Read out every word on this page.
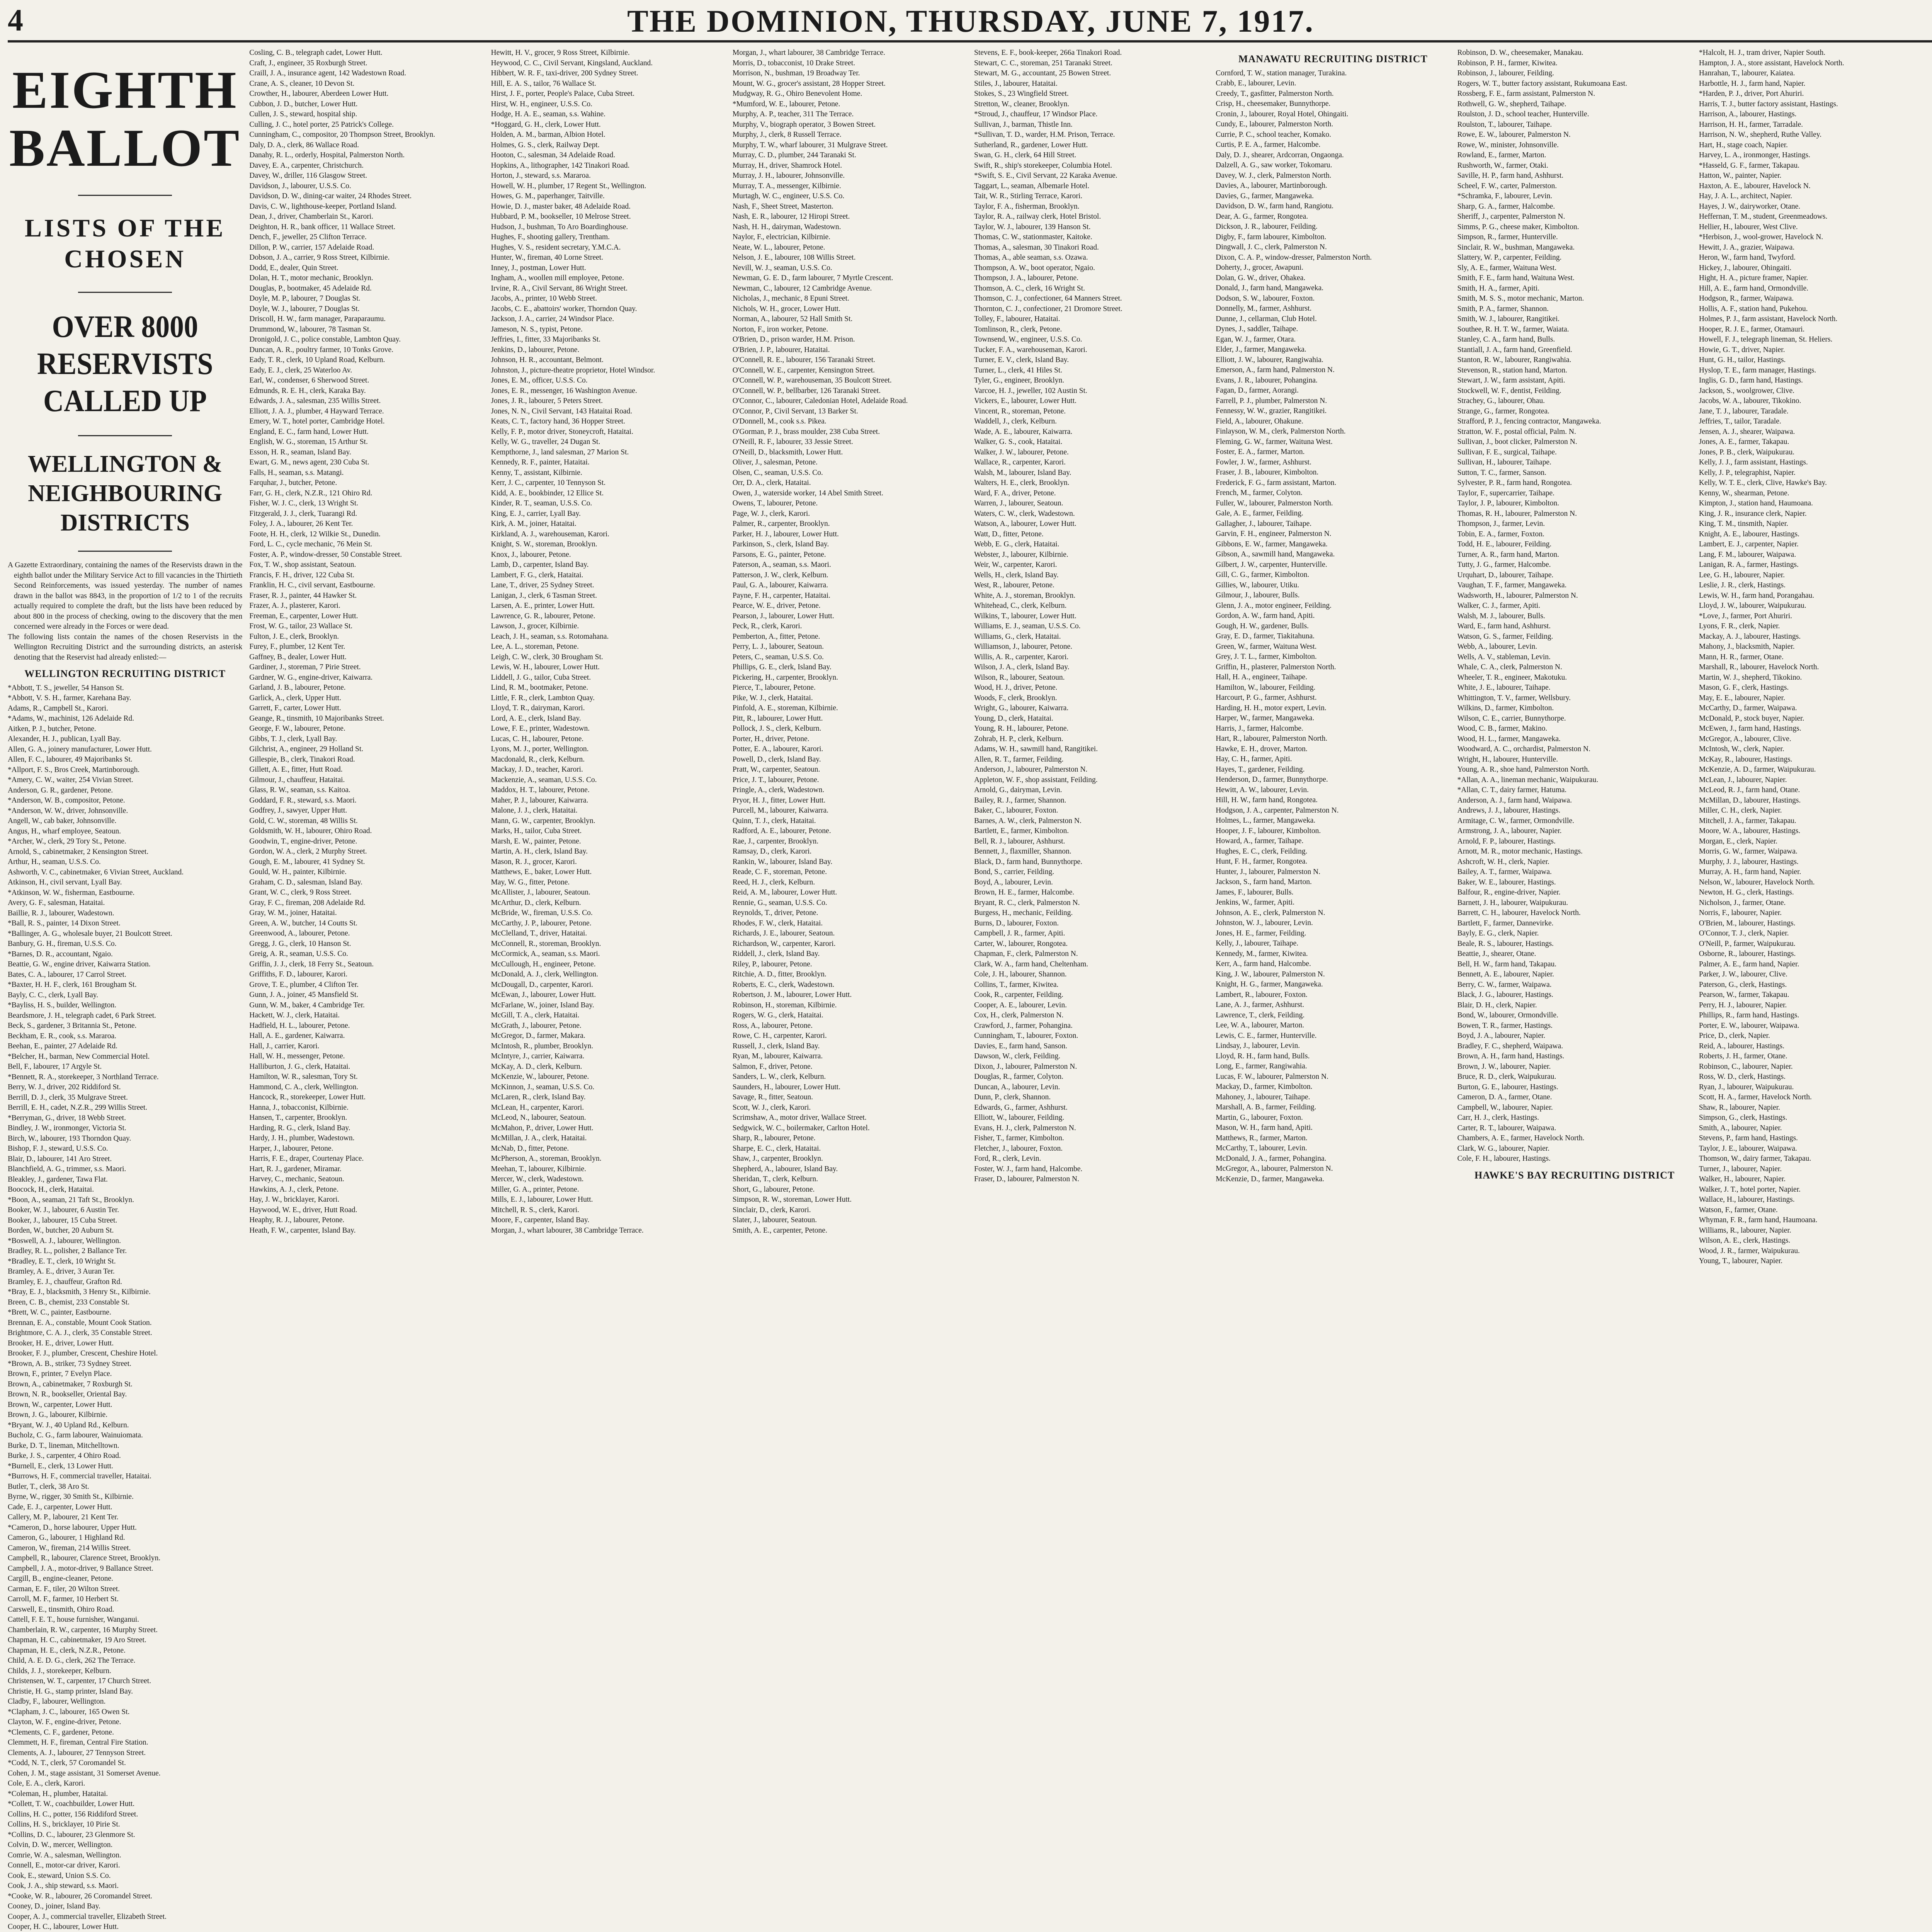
4	THE DOMINION, THURSDAY, JUNE 7, 1917.
EIGHTH BALLOT
LISTS OF THE CHOSEN
OVER 8000 RESERVISTS CALLED UP
WELLINGTON & NEIGHBOURING DISTRICTS

A Gazette Extraordinary, containing the names of the Reservists drawn in the eighth ballot under the Military Service Act to fill vacancies in the Thirtieth Second Reinforcements, was issued yesterday. The number of names drawn in the ballot was 8843, in the proportion of 1/2 to 1 of the recruits actually required to complete the draft, but the lists have been reduced by about 800 in the process of checking, owing to the discovery that the men concerned were already in the Forces or were dead.

The following lists contain the names of the chosen Reservists in the Wellington Recruiting District and the surrounding districts, an asterisk denoting that the Reservist had already enlisted:—

WELLINGTON RECRUITING DISTRICT

*Abbott, T. S., jeweller, 54 Hanson St.

*Abbott, V. S. H., farmer, Karehana Bay.

Adams, R., Campbell St., Karori.

*Adams, W., machinist, 126 Adelaide Rd.

Aitken, P. J., butcher, Petone.

Alexander, H. J., publican, Lyall Bay.

Allen, G. A., joinery manufacturer, Lower Hutt.

Allen, F. C., labourer, 49 Majoribanks St.

*Allport, F. S., Bros Creek, Martinborough.

*Amery, C. W., waiter, 254 Vivian Street.

Anderson, G. R., gardener, Petone.

*Anderson, W. B., compositor, Petone.

*Anderson, W. W., driver, Johnsonville.

Angell, W., cab baker, Johnsonville.

Angus, H., wharf employee, Seatoun.

*Archer, W., clerk, 29 Tory St., Petone.

Arnold, S., cabinetmaker, 2 Kensington Street.

Arthur, H., seaman, U.S.S. Co.

Ashworth, V. C., cabinetmaker, 6 Vivian Street, Auckland.

Atkinson, H., civil servant, Lyall Bay.

*Atkinson, W. W., fisherman, Eastbourne.

Avery, G. F., salesman, Hataitai.

Baillie, R. J., labourer, Wadestown.

*Ball, R. S., painter, 14 Dixon Street.

*Ballinger, A. G., wholesale buyer, 21 Boulcott Street.

Banbury, G. H., fireman, U.S.S. Co.

*Barnes, D. R., accountant, Ngaio.

Beattie, G. W., engine driver, Kaiwarra Station.

Bates, C. A., labourer, 17 Carrol Street.

*Baxter, H. H. F., clerk, 161 Brougham St.

Bayly, C. C., clerk, Lyall Bay.

*Bayliss, H. S., builder, Wellington.

Beardsmore, J. H., telegraph cadet, 6 Park Street.

Beck, S., gardener, 3 Britannia St., Petone.

Beckham, E. R., cook, s.s. Mararoa.

Beehan, E., painter, 27 Adelaide Rd.

*Belcher, H., barman, New Commercial Hotel.

Bell, F., labourer, 17 Argyle St.

*Bennett, R. A., storekeeper, 3 Northland Terrace.

Berry, W. J., driver, 202 Riddiford St.

Berrill, D. J., clerk, 35 Mulgrave Street.

Berrill, E. H., cadet, N.Z.R., 299 Willis Street.

*Berryman, G., driver, 18 Webb Street.

Bindley, J. W., ironmonger, Victoria St.

Birch, W., labourer, 193 Thorndon Quay.

Bishop, F. J., steward, U.S.S. Co.

Blair, D., labourer, 141 Aro Street.

Blanchfield, A. G., trimmer, s.s. Maori.

Bleakley, J., gardener, Tawa Flat.

Boocock, H., clerk, Hataitai.

*Boon, A., seaman, 21 Taft St., Brooklyn.

Booker, W. J., labourer, 6 Austin Ter.

Booker, J., labourer, 15 Cuba Street.

Borden, W., butcher, 20 Auburn St.

*Boswell, A. J., labourer, Wellington.

Bradley, R. L., polisher, 2 Ballance Ter.

*Bradley, E. T., clerk, 10 Wright St.

Bramley, A. E., driver, 3 Auran Ter.

Bramley, E. J., chauffeur, Grafton Rd.

*Bray, E. J., blacksmith, 3 Henry St., Kilbirnie.

Breen, C. B., chemist, 233 Constable St.

*Brett, W. C., painter, Eastbourne.

Brennan, E. A., constable, Mount Cook Station.

Brightmore, C. A. J., clerk, 35 Constable Street.

Brooker, H. E., driver, Lower Hutt.

Brooker, F. J., plumber, Crescent, Cheshire Hotel.

*Brown, A. B., striker, 73 Sydney Street.

Brown, F., printer, 7 Evelyn Place.

Brown, A., cabinetmaker, 7 Roxburgh St.

Brown, N. R., bookseller, Oriental Bay.

Brown, W., carpenter, Lower Hutt.

Brown, J. G., labourer, Kilbirnie.

*Bryant, W. J., 40 Upland Rd., Kelburn.

Bucholz, C. G., farm labourer, Wainuiomata.

Burke, D. T., lineman, Mitchelltown.

Burke, J. S., carpenter, 4 Ohiro Road.

*Burnell, E., clerk, 13 Lower Hutt.

*Burrows, H. F., commercial traveller, Hataitai.

Butler, T., clerk, 38 Aro St.

Byrne, W., rigger, 30 Smith St., Kilbirnie.

Cade, E. J., carpenter, Lower Hutt.

Callery, M. P., labourer, 21 Kent Ter.

*Cameron, D., horse labourer, Upper Hutt.

Cameron, G., labourer, 1 Highland Rd.

Cameron, W., fireman, 214 Willis Street.

Campbell, R., labourer, Clarence Street, Brooklyn.

Campbell, J. A., motor-driver, 9 Ballance Street.

Cargill, B., engine-cleaner, Petone.

Carman, E. F., tiler, 20 Wilton Street.

Carroll, M. F., farmer, 10 Herbert St.

Carswell, E., tinsmith, Ohiro Road.

Cattell, F. E. T., house furnisher, Wanganui.

Chamberlain, R. W., carpenter, 16 Murphy Street.

Chapman, H. C., cabinetmaker, 19 Aro Street.

Chapman, H. E., clerk, N.Z.R., Petone.

Child, A. E. D. G., clerk, 262 The Terrace.

Childs, J. J., storekeeper, Kelburn.

Christensen, W. T., carpenter, 17 Church Street.

Christie, H. G., stamp printer, Island Bay.

Cladby, F., labourer, Wellington.

*Clapham, J. C., labourer, 165 Owen St.

Clayton, W. F., engine-driver, Petone.

*Clements, C. F., gardener, Petone.

Clemmett, H. F., fireman, Central Fire Station.

Clements, A. J., labourer, 27 Tennyson Street.

*Codd, N. T., clerk, 57 Coromandel St.

Cohen, J. M., stage assistant, 31 Somerset Avenue.

Cole, E. A., clerk, Karori.

*Coleman, H., plumber, Hataitai.

*Collett, T. W., coachbuilder, Lower Hutt.

Collins, H. C., potter, 156 Riddiford Street.

Collins, H. S., bricklayer, 10 Pirie St.

*Collins, D. C., labourer, 23 Glenmore St.

Colvin, D. W., mercer, Wellington.

Comrie, W. A., salesman, Wellington.

Connell, E., motor-car driver, Karori.

Cook, E., steward, Union S.S. Co.

Cook, J. A., ship steward, s.s. Maori.

*Cooke, W. R., labourer, 26 Coromandel Street.

Cooney, D., joiner, Island Bay.

Cooper, A. J., commercial traveller, Elizabeth Street.

Cooper, H. C., labourer, Lower Hutt.

Cosling, C. B., telegraph cadet, Lower Hutt.

Craft, J., engineer, 35 Roxburgh Street.

Craill, J. A., insurance agent, 142 Wadestown Road.

Crane, A. S., cleaner, 10 Devon St.

Crowther, H., labourer, Aberdeen Lower Hutt.

Cubbon, J. D., butcher, Lower Hutt.

Cullen, J. S., steward, hospital ship.

Culling, J. C., hotel porter, 25 Patrick's College.

Cunningham, C., compositor, 20 Thompson Street, Brooklyn.

Daly, D. A., clerk, 86 Wallace Road.

Danahy, R. L., orderly, Hospital, Palmerston North.

Davey, E. A., carpenter, Christchurch.

Davey, W., driller, 116 Glasgow Street.

Davidson, J., labourer, U.S.S. Co.

Davidson, D. W., dining-car waiter, 24 Rhodes Street.

Davis, C. W., lighthouse-keeper, Portland Island.

Dean, J., driver, Chamberlain St., Karori.

Deighton, H. R., bank officer, 11 Wallace Street.

Dench, F., jeweller, 25 Clifton Terrace.

Dillon, P. W., carrier, 157 Adelaide Road.

Dobson, J. A., carrier, 9 Ross Street, Kilbirnie.

Dodd, E., dealer, Quin Street.

Dolan, H. T., motor mechanic, Brooklyn.

Douglas, P., bootmaker, 45 Adelaide Rd.

Doyle, M. P., labourer, 7 Douglas St.

Doyle, W. J., labourer, 7 Douglas St.

Driscoll, H. W., farm manager, Paraparaumu.

Drummond, W., labourer, 78 Tasman St.

Dronigold, J. C., police constable, Lambton Quay.

Duncan, A. R., poultry farmer, 10 Tonks Grove.

Eady, T. R., clerk, 10 Upland Road, Kelburn.

Eady, E. J., clerk, 25 Waterloo Av.

Earl, W., condenser, 6 Sherwood Street.

Edmunds, R. E. H., clerk, Karaka Bay.

Edwards, J. A., salesman, 235 Willis Street.

Elliott, J. A. J., plumber, 4 Hayward Terrace.

Emery, W. T., hotel porter, Cambridge Hotel.

England, E. C., farm hand, Lower Hutt.

English, W. G., storeman, 15 Arthur St.

Esson, H. R., seaman, Island Bay.

Ewart, G. M., news agent, 230 Cuba St.

Falls, H., seaman, s.s. Matangi.

Farquhar, J., butcher, Petone.

Farr, G. H., clerk, N.Z.R., 121 Ohiro Rd.

Fisher, W. J. C., clerk, 13 Wright St.

Fitzgerald, J. J., clerk, Tuarangi Rd.

Foley, J. A., labourer, 26 Kent Ter.

Foote, H. H., clerk, 12 Wilkie St., Dunedin.

Ford, L. C., cycle mechanic, 76 Mein St.

Foster, A. P., window-dresser, 50 Constable Street.

Fox, T. W., shop assistant, Seatoun.

Francis, F. H., driver, 122 Cuba St.

Franklin, H. C., civil servant, Eastbourne.

Fraser, R. J., painter, 44 Hawker St.

Frazer, A. J., plasterer, Karori.

Freeman, E., carpenter, Lower Hutt.

Frost, W. G., tailor, 23 Wallace St.

Fulton, J. E., clerk, Brooklyn.

Furey, F., plumber, 12 Kent Ter.

Gaffney, B., dealer, Lower Hutt.

Gardiner, J., storeman, 7 Pirie Street.

Gardner, W. G., engine-driver, Kaiwarra.

Garland, J. B., labourer, Petone.

Garlick, A., clerk, Upper Hutt.

Garrett, F., carter, Lower Hutt.

Geange, R., tinsmith, 10 Majoribanks Street.

George, F. W., labourer, Petone.

Gibbs, T. J., clerk, Lyall Bay.

Gilchrist, A., engineer, 29 Holland St.

Gillespie, B., clerk, Tinakori Road.

Gillett, A. E., fitter, Hutt Road.

Gilmour, J., chauffeur, Hataitai.

Glass, R. W., seaman, s.s. Kaitoa.

Goddard, F. R., steward, s.s. Maori.

Godfrey, J., sawyer, Upper Hutt.

Gold, C. W., storeman, 48 Willis St.

Goldsmith, W. H., labourer, Ohiro Road.

Goodwin, T., engine-driver, Petone.

Gordon, W. A., clerk, 2 Murphy Street.

Gough, E. M., labourer, 41 Sydney St.

Gould, W. H., painter, Kilbirnie.

Graham, C. D., salesman, Island Bay.

Grant, W. C., clerk, 9 Ross Street.

Gray, F. C., fireman, 208 Adelaide Rd.

Gray, W. M., joiner, Hataitai.

Green, A. W., butcher, 14 Coutts St.

Greenwood, A., labourer, Petone.

Gregg, J. G., clerk, 10 Hanson St.

Greig, A. R., seaman, U.S.S. Co.

Griffin, J. J., clerk, 18 Ferry St., Seatoun.

Griffiths, F. D., labourer, Karori.

Grove, T. E., plumber, 4 Clifton Ter.

Gunn, J. A., joiner, 45 Mansfield St.

Gunn, W. M., baker, 4 Cambridge Ter.

Hackett, W. J., clerk, Hataitai.

Hadfield, H. L., labourer, Petone.

Hall, A. E., gardener, Kaiwarra.

Hall, J., carrier, Karori.

Hall, W. H., messenger, Petone.

Halliburton, J. G., clerk, Hataitai.

Hamilton, W. R., salesman, Tory St.

Hammond, C. A., clerk, Wellington.

Hancock, R., storekeeper, Lower Hutt.

Hanna, J., tobacconist, Kilbirnie.

Hansen, T., carpenter, Brooklyn.

Harding, R. G., clerk, Island Bay.

Hardy, J. H., plumber, Wadestown.

Harper, J., labourer, Petone.

Harris, F. E., draper, Courtenay Place.

Hart, R. J., gardener, Miramar.

Harvey, C., mechanic, Seatoun.

Hawkins, A. J., clerk, Petone.

Hay, J. W., bricklayer, Karori.

Haywood, W. E., driver, Hutt Road.

Heaphy, R. J., labourer, Petone.

Heath, F. W., carpenter, Island Bay.

Hewitt, H. V., grocer, 9 Ross Street, Kilbirnie.

Heywood, C. C., Civil Servant, Kingsland, Auckland.

Hibbert, W. R. F., taxi-driver, 200 Sydney Street.

Hill, E. A. S., tailor, 76 Wallace St.

Hirst, J. F., porter, People's Palace, Cuba Street.

Hirst, W. H., engineer, U.S.S. Co.

Hodge, H. A. E., seaman, s.s. Wahine.

*Hoggard, G. H., clerk, Lower Hutt.

Holden, A. M., barman, Albion Hotel.

Holmes, G. S., clerk, Railway Dept.

Hooton, C., salesman, 34 Adelaide Road.

Hopkins, A., lithographer, 142 Tinakori Road.

Horton, J., steward, s.s. Mararoa.

Howell, W. H., plumber, 17 Regent St., Wellington.

Howes, G. M., paperhanger, Taitville.

Howie, D. J., master baker, 48 Adelaide Road.

Hubbard, P. M., bookseller, 10 Melrose Street.

Hudson, J., bushman, To Aro Boardinghouse.

Hughes, F., shooting gallery, Trentham.

Hughes, V. S., resident secretary, Y.M.C.A.

Hunter, W., fireman, 40 Lorne Street.

Inney, J., postman, Lower Hutt.

Ingham, A., woollen mill employee, Petone.

Irvine, R. A., Civil Servant, 86 Wright Street.

Jacobs, A., printer, 10 Webb Street.

Jacobs, C. E., abattoirs' worker, Thorndon Quay.

Jackson, J. A., carrier, 24 Windsor Place.

Jameson, N. S., typist, Petone.

Jeffries, I., fitter, 33 Majoribanks St.

Jenkins, D., labourer, Petone.

Johnson, H. R., accountant, Belmont.

Johnston, J., picture-theatre proprietor, Hotel Windsor.

Jones, E. M., officer, U.S.S. Co.

Jones, E. R., messenger, 16 Washington Avenue.

Jones, J. R., labourer, 5 Peters Street.

Jones, N. N., Civil Servant, 143 Hataitai Road.

Keats, C. T., factory hand, 36 Hopper Street.

Kelly, F. P., motor driver, Stoneycroft, Hataitai.

Kelly, W. G., traveller, 24 Dugan St.

Kempthorne, J., land salesman, 27 Marion St.

Kennedy, R. F., painter, Hataitai.

Kenny, T., assistant, Kilbirnie.

Kerr, J. C., carpenter, 10 Tennyson St.

Kidd, A. E., bookbinder, 12 Ellice St.

Kinder, R. T., seaman, U.S.S. Co.

King, E. J., carrier, Lyall Bay.

Kirk, A. M., joiner, Hataitai.

Kirkland, A. J., warehouseman, Karori.

Knight, S. W., storeman, Brooklyn.

Knox, J., labourer, Petone.

Lamb, D., carpenter, Island Bay.

Lambert, F. G., clerk, Hataitai.

Lane, T., driver, 25 Sydney Street.

Lanigan, J., clerk, 6 Tasman Street.

Larsen, A. E., printer, Lower Hutt.

Lawrence, G. R., labourer, Petone.

Lawson, J., grocer, Kilbirnie.

Leach, J. H., seaman, s.s. Rotomahana.

Lee, A. L., storeman, Petone.

Leigh, C. W., clerk, 30 Brougham St.

Lewis, W. H., labourer, Lower Hutt.

Liddell, J. G., tailor, Cuba Street.

Lind, R. M., bootmaker, Petone.

Little, F. R., clerk, Lambton Quay.

Lloyd, T. R., dairyman, Karori.

Lord, A. E., clerk, Island Bay.

Lowe, F. E., printer, Wadestown.

Lucas, C. H., labourer, Petone.

Lyons, M. J., porter, Wellington.

Macdonald, R., clerk, Kelburn.

Mackay, J. D., teacher, Karori.

Mackenzie, A., seaman, U.S.S. Co.

Maddox, H. T., labourer, Petone.

Maher, P. J., labourer, Kaiwarra.

Malone, J. J., clerk, Hataitai.

Mann, G. W., carpenter, Brooklyn.

Marks, H., tailor, Cuba Street.

Marsh, E. W., painter, Petone.

Martin, A. H., clerk, Island Bay.

Mason, R. J., grocer, Karori.

Matthews, E., baker, Lower Hutt.

May, W. G., fitter, Petone.

McAllister, J., labourer, Seatoun.

McArthur, D., clerk, Kelburn.

McBride, W., fireman, U.S.S. Co.

McCarthy, J. P., labourer, Petone.

McClelland, T., driver, Hataitai.

McConnell, R., storeman, Brooklyn.

McCormick, A., seaman, s.s. Maori.

McCullough, H., engineer, Petone.

McDonald, A. J., clerk, Wellington.

McDougall, D., carpenter, Karori.

McEwan, J., labourer, Lower Hutt.

McFarlane, W., joiner, Island Bay.

McGill, T. A., clerk, Hataitai.

McGrath, J., labourer, Petone.

McGregor, D., farmer, Makara.

McIntosh, R., plumber, Brooklyn.

McIntyre, J., carrier, Kaiwarra.

McKay, A. D., clerk, Kelburn.

McKenzie, W., labourer, Petone.

McKinnon, J., seaman, U.S.S. Co.

McLaren, R., clerk, Island Bay.

McLean, H., carpenter, Karori.

McLeod, N., labourer, Seatoun.

McMahon, P., driver, Lower Hutt.

McMillan, J. A., clerk, Hataitai.

McNab, D., fitter, Petone.

McPherson, A., storeman, Brooklyn.

Meehan, T., labourer, Kilbirnie.

Mercer, W., clerk, Wadestown.

Miller, G. A., printer, Petone.

Mills, E. J., labourer, Lower Hutt.

Mitchell, R. S., clerk, Karori.

Moore, F., carpenter, Island Bay.

Morgan, J., whart labourer, 38 Cambridge Terrace.

Morgan, J., whart labourer, 38 Cambridge Terrace.

Morris, D., tobacconist, 10 Drake Street.

Morrison, N., bushman, 19 Broadway Ter.

Mount, W. G., grocer's assistant, 28 Hopper Street.

Mudgway, R. G., Ohiro Benevolent Home.

*Mumford, W. E., labourer, Petone.

Murphy, A. P., teacher, 311 The Terrace.

Murphy, V., biograph operator, 3 Bowen Street.

Murphy, J., clerk, 8 Russell Terrace.

Murphy, T. W., wharf labourer, 31 Mulgrave Street.

Murray, C. D., plumber, 244 Taranaki St.

Murray, H., driver, Shamrock Hotel.

Murray, J. H., labourer, Johnsonville.

Murray, T. A., messenger, Kilbirnie.

Murtagh, W. C., engineer, U.S.S. Co.

Nash, F., Sheet Street, Masterton.

Nash, E. R., labourer, 12 Hiropi Street.

Nash, H. H., dairyman, Wadestown.

Naylor, F., electrician, Kilbirnie.

Neate, W. L., labourer, Petone.

Nelson, J. E., labourer, 108 Willis Street.

Nevill, W. J., seaman, U.S.S. Co.

Newman, G. E. D., farm labourer, 7 Myrtle Crescent.

Newman, C., labourer, 12 Cambridge Avenue.

Nicholas, J., mechanic, 8 Epuni Street.

Nichols, W. H., grocer, Lower Hutt.

Norman, A., labourer, 52 Hall Smith St.

Norton, F., iron worker, Petone.

O'Brien, D., prison warder, H.M. Prison.

O'Brien, J. P., labourer, Hataitai.

O'Connell, R. E., labourer, 156 Taranaki Street.

O'Connell, W. E., carpenter, Kensington Street.

O'Connell, W. P., warehouseman, 35 Boulcott Street.

O'Connell, W. P., bellbarber, 126 Taranaki Street.

O'Connor, C., labourer, Caledonian Hotel, Adelaide Road.

O'Connor, P., Civil Servant, 13 Barker St.

O'Donnell, M., cook s.s. Pikea.

O'Gorman, P. J., brass moulder, 238 Cuba Street.

O'Neill, R. F., labourer, 33 Jessie Street.

O'Neill, D., blacksmith, Lower Hutt.

Oliver, J., salesman, Petone.

Olsen, C., seaman, U.S.S. Co.

Orr, D. A., clerk, Hataitai.

Owen, J., waterside worker, 14 Abel Smith Street.

Owens, T., labourer, Petone.

Page, W. J., clerk, Karori.

Palmer, R., carpenter, Brooklyn.

Parker, H. J., labourer, Lower Hutt.

Parkinson, S., clerk, Island Bay.

Parsons, E. G., painter, Petone.

Paterson, A., seaman, s.s. Maori.

Patterson, J. W., clerk, Kelburn.

Paul, G. A., labourer, Kaiwarra.

Payne, F. H., carpenter, Hataitai.

Pearce, W. E., driver, Petone.

Pearson, J., labourer, Lower Hutt.

Peck, R., clerk, Karori.

Pemberton, A., fitter, Petone.

Perry, L. J., labourer, Seatoun.

Peters, C., seaman, U.S.S. Co.

Phillips, G. E., clerk, Island Bay.

Pickering, H., carpenter, Brooklyn.

Pierce, T., labourer, Petone.

Pike, W. J., clerk, Hataitai.

Pinfold, A. E., storeman, Kilbirnie.

Pitt, R., labourer, Lower Hutt.

Pollock, J. S., clerk, Kelburn.

Porter, H., driver, Petone.

Potter, E. A., labourer, Karori.

Powell, D., clerk, Island Bay.

Pratt, W., carpenter, Seatoun.

Price, J. T., labourer, Petone.

Pringle, A., clerk, Wadestown.

Pryor, H. J., fitter, Lower Hutt.

Purcell, M., labourer, Kaiwarra.

Quinn, T. J., clerk, Hataitai.

Radford, A. E., labourer, Petone.

Rae, J., carpenter, Brooklyn.

Ramsay, D., clerk, Karori.

Rankin, W., labourer, Island Bay.

Reade, C. F., storeman, Petone.

Reed, H. J., clerk, Kelburn.

Reid, A. M., labourer, Lower Hutt.

Rennie, G., seaman, U.S.S. Co.

Reynolds, T., driver, Petone.

Rhodes, F. W., clerk, Hataitai.

Richards, J. E., labourer, Seatoun.

Richardson, W., carpenter, Karori.

Riddell, J., clerk, Island Bay.

Riley, P., labourer, Petone.

Ritchie, A. D., fitter, Brooklyn.

Roberts, E. C., clerk, Wadestown.

Robertson, J. M., labourer, Lower Hutt.

Robinson, H., storeman, Kilbirnie.

Rogers, W. G., clerk, Hataitai.

Ross, A., labourer, Petone.

Rowe, C. H., carpenter, Karori.

Russell, J., clerk, Island Bay.

Ryan, M., labourer, Kaiwarra.

Salmon, F., driver, Petone.

Sanders, L. W., clerk, Kelburn.

Saunders, H., labourer, Lower Hutt.

Savage, R., fitter, Seatoun.

Scott, W. J., clerk, Karori.

Scrimshaw, A., motor driver, Wallace Street.

Sedgwick, W. C., boilermaker, Carlton Hotel.

Sharp, R., labourer, Petone.

Sharpe, E. C., clerk, Hataitai.

Shaw, J., carpenter, Brooklyn.

Shepherd, A., labourer, Island Bay.

Sheridan, T., clerk, Kelburn.

Short, G., labourer, Petone.

Simpson, R. W., storeman, Lower Hutt.

Sinclair, D., clerk, Karori.

Slater, J., labourer, Seatoun.

Smith, A. E., carpenter, Petone.

Stevens, E. F., book-keeper, 266a Tinakori Road.

Stewart, C. C., storeman, 251 Taranaki Street.

Stewart, M. G., accountant, 25 Bowen Street.

Stiles, J., labourer, Hataitai.

Stokes, S., 23 Wingfield Street.

Stretton, W., cleaner, Brooklyn.

*Stroud, J., chauffeur, 17 Windsor Place.

Sullivan, J., barman, Thistle Inn.

*Sullivan, T. D., warder, H.M. Prison, Terrace.

Sutherland, R., gardener, Lower Hutt.

Swan, G. H., clerk, 64 Hill Street.

Swift, R., ship's storekeeper, Columbia Hotel.

*Swift, S. E., Civil Servant, 22 Karaka Avenue.

Taggart, L., seaman, Albemarle Hotel.

Tait, W. R., Stirling Terrace, Karori.

Taylor, F. A., fisherman, Brooklyn.

Taylor, R. A., railway clerk, Hotel Bristol.

Taylor, W. J., labourer, 139 Hanson St.

Thomas, C. W., stationmaster, Kaitoke.

Thomas, A., salesman, 30 Tinakori Road.

Thomas, A., able seaman, s.s. Ozawa.

Thompson, A. W., boot operator, Ngaio.

Thompson, J. A., labourer, Petone.

Thomson, A. C., clerk, 16 Wright St.

Thomson, C. J., confectioner, 64 Manners Street.

Thornton, C. J., confectioner, 21 Dromore Street.

Tolley, F., labourer, Hataitai.

Tomlinson, R., clerk, Petone.

Townsend, W., engineer, U.S.S. Co.

Tucker, F. A., warehouseman, Karori.

Turner, E. V., clerk, Island Bay.

Turner, L., clerk, 41 Hiles St.

Tyler, G., engineer, Brooklyn.

Varcoe, H. J., jeweller, 102 Austin St.

Vickers, E., labourer, Lower Hutt.

Vincent, R., storeman, Petone.

Waddell, J., clerk, Kelburn.

Wade, A. E., labourer, Kaiwarra.

Walker, G. S., cook, Hataitai.

Walker, J. W., labourer, Petone.

Wallace, R., carpenter, Karori.

Walsh, M., labourer, Island Bay.

Walters, H. E., clerk, Brooklyn.

Ward, F. A., driver, Petone.

Warren, J., labourer, Seatoun.

Waters, C. W., clerk, Wadestown.

Watson, A., labourer, Lower Hutt.

Watt, D., fitter, Petone.

Webb, E. G., clerk, Hataitai.

Webster, J., labourer, Kilbirnie.

Weir, W., carpenter, Karori.

Wells, H., clerk, Island Bay.

West, R., labourer, Petone.

White, A. J., storeman, Brooklyn.

Whitehead, C., clerk, Kelburn.

Wilkins, T., labourer, Lower Hutt.

Williams, E. J., seaman, U.S.S. Co.

Williams, G., clerk, Hataitai.

Williamson, J., labourer, Petone.

Willis, A. R., carpenter, Karori.

Wilson, J. A., clerk, Island Bay.

Wilson, R., labourer, Seatoun.

Wood, H. J., driver, Petone.

Woods, F., clerk, Brooklyn.

Wright, G., labourer, Kaiwarra.

Young, D., clerk, Hataitai.

Young, R. H., labourer, Petone.

Zohrab, H. P., clerk, Kelburn.

Adams, W. H., sawmill hand, Rangitikei.

Allen, R. T., farmer, Feilding.

Anderson, J., labourer, Palmerston N.

Appleton, W. F., shop assistant, Feilding.

Arnold, G., dairyman, Levin.

Bailey, R. J., farmer, Shannon.

Baker, C., labourer, Foxton.

Barnes, A. W., clerk, Palmerston N.

Bartlett, E., farmer, Kimbolton.

Bell, R. J., labourer, Ashhurst.

Bennett, J., flaxmiller, Shannon.

Black, D., farm hand, Bunnythorpe.

Bond, S., carrier, Feilding.

Boyd, A., labourer, Levin.

Brown, H. E., farmer, Halcombe.

Bryant, R. C., clerk, Palmerston N.

Burgess, H., mechanic, Feilding.

Burns, D., labourer, Foxton.

Campbell, J. R., farmer, Apiti.

Carter, W., labourer, Rongotea.

Chapman, F., clerk, Palmerston N.

Clark, W. A., farm hand, Cheltenham.

Cole, J. H., labourer, Shannon.

Collins, T., farmer, Kiwitea.

Cook, R., carpenter, Feilding.

Cooper, A. E., labourer, Levin.

Cox, H., clerk, Palmerston N.

Crawford, J., farmer, Pohangina.

Cunningham, T., labourer, Foxton.

Davies, E., farm hand, Sanson.

Dawson, W., clerk, Feilding.

Dixon, J., labourer, Palmerston N.

Douglas, R., farmer, Colyton.

Duncan, A., labourer, Levin.

Dunn, P., clerk, Shannon.

Edwards, G., farmer, Ashhurst.

Elliott, W., labourer, Feilding.

Evans, H. J., clerk, Palmerston N.

Fisher, T., farmer, Kimbolton.

Fletcher, J., labourer, Foxton.

Ford, R., clerk, Levin.

Foster, W. J., farm hand, Halcombe.

Fraser, D., labourer, Palmerston N.

MANAWATU RECRUITING DISTRICT

Cornford, T. W., station manager, Turakina.

Crabb, E., labourer, Levin.

Creedy, T., gasfitter, Palmerston North.

Crisp, H., cheesemaker, Bunnythorpe.

Cronin, J., labourer, Royal Hotel, Ohingaiti.

Cundy, E., labourer, Palmerston North.

Currie, P. C., school teacher, Komako.

Curtis, P. E. A., farmer, Halcombe.

Daly, D. J., shearer, Ardcorran, Ongaonga.

Dalzell, A. G., saw worker, Tokomaru.

Davey, W. J., clerk, Palmerston North.

Davies, A., labourer, Martinborough.

Davies, G., farmer, Mangaweka.

Davidson, D. W., farm hand, Rangiotu.

Dear, A. G., farmer, Rongotea.

Dickson, J. R., labourer, Feilding.

Digby, F., farm labourer, Kimbolton.

Dingwall, J. C., clerk, Palmerston N.

Dixon, C. A. P., window-dresser, Palmerston North.

Doherty, J., grocer, Awapuni.

Dolan, G. W., driver, Ohakea.

Donald, J., farm hand, Mangaweka.

Dodson, S. W., labourer, Foxton.

Donnelly, M., farmer, Ashhurst.

Dunne, J., cellarman, Club Hotel.

Dynes, J., saddler, Taihape.

Egan, W. J., farmer, Otara.

Elder, J., farmer, Mangaweka.

Elliott, J. W., labourer, Rangiwahia.

Emerson, A., farm hand, Palmerston N.

Evans, J. R., labourer, Pohangina.

Fagan, D., farmer, Aorangi.

Farrell, P. J., plumber, Palmerston N.

Fennessy, W. W., grazier, Rangitikei.

Field, A., labourer, Ohakune.

Finlayson, W. M., clerk, Palmerston North.

Fleming, G. W., farmer, Waituna West.

Foster, E. A., farmer, Marton.

Fowler, J. W., farmer, Ashhurst.

Fraser, J. B., labourer, Kimbolton.

Frederick, F. G., farm assistant, Marton.

French, M., farmer, Colyton.

Fuller, W., labourer, Palmerston North.

Gale, A. E., farmer, Feilding.

Gallagher, J., labourer, Taihape.

Garvin, F. H., engineer, Palmerston N.

Gibbons, E. W., farmer, Mangaweka.

Gibson, A., sawmill hand, Mangaweka.

Gilbert, J. W., carpenter, Hunterville.

Gill, C. G., farmer, Kimbolton.

Gillies, W., labourer, Utiku.

Gilmour, J., labourer, Bulls.

Glenn, J. A., motor engineer, Feilding.

Gordon, A. W., farm hand, Apiti.

Gough, H. W., gardener, Bulls.

Gray, E. D., farmer, Tiakitahuna.

Green, W., farmer, Waituna West.

Grey, J. T. L., farmer, Kimbolton.

Griffin, H., plasterer, Palmerston North.

Hall, H. A., engineer, Taihape.

Hamilton, W., labourer, Feilding.

Harcourt, P. G., farmer, Ashhurst.

Harding, H. H., motor expert, Levin.

Harper, W., farmer, Mangaweka.

Harris, J., farmer, Halcombe.

Hart, R., labourer, Palmerston North.

Hawke, E. H., drover, Marton.

Hay, C. H., farmer, Apiti.

Hayes, T., gardener, Feilding.

Henderson, D., farmer, Bunnythorpe.

Hewitt, A. W., labourer, Levin.

Hill, H. W., farm hand, Rongotea.

Hodgson, J. A., carpenter, Palmerston N.

Holmes, L., farmer, Mangaweka.

Hooper, J. F., labourer, Kimbolton.

Howard, A., farmer, Taihape.

Hughes, E. C., clerk, Feilding.

Hunt, F. H., farmer, Rongotea.

Hunter, J., labourer, Palmerston N.

Jackson, S., farm hand, Marton.

James, F., labourer, Bulls.

Jenkins, W., farmer, Apiti.

Johnson, A. E., clerk, Palmerston N.

Johnston, W. J., labourer, Levin.

Jones, H. E., farmer, Feilding.

Kelly, J., labourer, Taihape.

Kennedy, M., farmer, Kiwitea.

Kerr, A., farm hand, Halcombe.

King, J. W., labourer, Palmerston N.

Knight, H. G., farmer, Mangaweka.

Lambert, R., labourer, Foxton.

Lane, A. J., farmer, Ashhurst.

Lawrence, T., clerk, Feilding.

Lee, W. A., labourer, Marton.

Lewis, C. E., farmer, Hunterville.

Lindsay, J., labourer, Levin.

Lloyd, R. H., farm hand, Bulls.

Long, E., farmer, Rangiwahia.

Lucas, F. W., labourer, Palmerston N.

Mackay, D., farmer, Kimbolton.

Mahoney, J., labourer, Taihape.

Marshall, A. B., farmer, Feilding.

Martin, G., labourer, Foxton.

Mason, W. H., farm hand, Apiti.

Matthews, R., farmer, Marton.

McCarthy, T., labourer, Levin.

McDonald, J. A., farmer, Pohangina.

McGregor, A., labourer, Palmerston N.

McKenzie, D., farmer, Mangaweka.

Robinson, D. W., cheesemaker, Manakau.

Robinson, P. H., farmer, Kiwitea.

Robinson, J., labourer, Feilding.

Rogers, W. T., butter factory assistant, Rukumoana East.

Rossberg, F. E., farm assistant, Palmerston N.

Rothwell, G. W., shepherd, Taihape.

Roulston, J. D., school teacher, Hunterville.

Roulston, T., labourer, Taihape.

Rowe, E. W., labourer, Palmerston N.

Rowe, W., minister, Johnsonville.

Rowland, E., farmer, Marton.

Rushworth, W., farmer, Otaki.

Saville, H. P., farm hand, Ashhurst.

Scheel, F. W., carter, Palmerston.

*Schramka, F., labourer, Levin.

Sharp, G. A., farmer, Halcombe.

Sheriff, J., carpenter, Palmerston N.

Simms, P. G., cheese maker, Kimbolton.

Simpson, R., farmer, Hunterville.

Sinclair, R. W., bushman, Mangaweka.

Slattery, W. P., carpenter, Feilding.

Sly, A. E., farmer, Waituna West.

Smith, F. E., farm hand, Waituna West.

Smith, H. A., farmer, Apiti.

Smith, M. S. S., motor mechanic, Marton.

Smith, P. A., farmer, Shannon.

Smith, W. J., labourer, Rangitikei.

Southee, R. H. T. W., farmer, Waiata.

Stanley, C. A., farm hand, Bulls.

Stantiall, J. A., farm hand, Greenfield.

Stanton, R. W., labourer, Rangiwahia.

Stevenson, R., station hand, Marton.

Stewart, J. W., farm assistant, Apiti.

Stockwell, W. F., dentist, Feilding.

Strachey, G., labourer, Ohau.

Strange, G., farmer, Rongotea.

Strafford, P. J., fencing contractor, Mangaweka.

Stratton, W. F., postal official, Palm. N.

Sullivan, J., boot clicker, Palmerston N.

Sullivan, F. E., surgical, Taihape.

Sullivan, H., labourer, Taihape.

Sutton, T. C., farmer, Sanson.

Sylvester, P. R., farm hand, Rongotea.

Taylor, F., supercarrier, Taihape.

Taylor, J. P., labourer, Kimbolton.

Thomas, R. H., labourer, Palmerston N.

Thompson, J., farmer, Levin.

Tobin, E. A., farmer, Foxton.

Todd, H. E., labourer, Feilding.

Turner, A. R., farm hand, Marton.

Tutty, J. G., farmer, Halcombe.

Urquhart, D., labourer, Taihape.

Vaughan, T. F., farmer, Mangaweka.

Wadsworth, H., labourer, Palmerston N.

Walker, C. J., farmer, Apiti.

Walsh, M. J., labourer, Bulls.

Ward, E., farm hand, Ashhurst.

Watson, G. S., farmer, Feilding.

Webb, A., labourer, Levin.

Wells, A. V., stableman, Levin.

Whale, C. A., clerk, Palmerston N.

Wheeler, T. R., engineer, Makotuku.

White, J. E., labourer, Taihape.

Whittington, T. V., farmer, Wellsbury.

Wilkins, D., farmer, Kimbolton.

Wilson, C. E., carrier, Bunnythorpe.

Wood, C. B., farmer, Makino.

Wood, H. L., farmer, Mangaweka.

Woodward, A. C., orchardist, Palmerston N.

Wright, H., labourer, Hunterville.

Young, A. R., shoe hand, Palmerston North.

*Allan, A. A., lineman mechanic, Waipukurau.

*Allan, C. T., dairy farmer, Hatuma.

Anderson, A. J., farm hand, Waipawa.

Andrews, J. J., labourer, Hastings.

Armitage, C. W., farmer, Ormondville.

Armstrong, J. A., labourer, Napier.

Arnold, F. P., labourer, Hastings.

Arnott, M. R., motor mechanic, Hastings.

Ashcroft, W. H., clerk, Napier.

Bailey, A. T., farmer, Waipawa.

Baker, W. E., labourer, Hastings.

Balfour, R., engine-driver, Napier.

Barnett, J. H., labourer, Waipukurau.

Barrett, C. H., labourer, Havelock North.

Bartlett, F., farmer, Dannevirke.

Bayly, E. G., clerk, Napier.

Beale, R. S., labourer, Hastings.

Beattie, J., shearer, Otane.

Bell, H. W., farm hand, Takapau.

Bennett, A. E., labourer, Napier.

Berry, C. W., farmer, Waipawa.

Black, J. G., labourer, Hastings.

Blair, D. H., clerk, Napier.

Bond, W., labourer, Ormondville.

Bowen, T. R., farmer, Hastings.

Boyd, J. A., labourer, Napier.

Bradley, F. C., shepherd, Waipawa.

Brown, A. H., farm hand, Hastings.

Brown, J. W., labourer, Napier.

Bruce, R. D., clerk, Waipukurau.

Burton, G. E., labourer, Hastings.

Cameron, D. A., farmer, Otane.

Campbell, W., labourer, Napier.

Carr, H. J., clerk, Hastings.

Carter, R. T., labourer, Waipawa.

Chambers, A. E., farmer, Havelock North.

Clark, W. G., labourer, Napier.

Cole, F. H., labourer, Hastings.

HAWKE'S BAY RECRUITING DISTRICT

*Halcolt, H. J., tram driver, Napier South.

Hampton, J. A., store assistant, Havelock North.

Hanrahan, T., labourer, Kaiatea.

Harbottle, H. J., farm hand, Napier.

*Harden, P. J., driver, Port Ahuriri.

Harris, T. J., butter factory assistant, Hastings.

Harrison, A., labourer, Hastings.

Harrison, H. H., farmer, Tarradale.

Harrison, N. W., shepherd, Ruthe Valley.

Hart, H., stage coach, Napier.

Harvey, L. A., ironmonger, Hastings.

*Hasseld, G. F., farmer, Takapau.

Hatton, W., painter, Napier.

Haxton, A. E., labourer, Havelock N.

Hay, J. A. L., architect, Napier.

Hayes, J. W., dairyworker, Otane.

Heffernan, T. M., student, Greenmeadows.

Hellier, H., labourer, West Clive.

*Herbison, J., wool-grower, Havelock N.

Hewitt, J. A., grazier, Waipawa.

Heron, W., farm hand, Twyford.

Hickey, J., labourer, Ohingaiti.

Hight, H. A., picture framer, Napier.

Hill, A. E., farm hand, Ormondville.

Hodgson, R., farmer, Waipawa.

Hollis, A. F., station hand, Pukehou.

Holmes, P. J., farm assistant, Havelock North.

Hooper, R. J. E., farmer, Otamauri.

Howell, F. J., telegraph lineman, St. Heliers.

Howie, G. T., driver, Napier.

Hunt, G. H., tailor, Hastings.

Hyslop, T. E., farm manager, Hastings.

Inglis, G. D., farm hand, Hastings.

Jackson, S., woolgrower, Clive.

Jacobs, W. A., labourer, Tikokino.

Jane, T. J., labourer, Taradale.

Jeffries, T., tailor, Taradale.

Jensen, A. J., shearer, Waipawa.

Jones, A. E., farmer, Takapau.

Jones, P. B., clerk, Waipukurau.

Kelly, J. J., farm assistant, Hastings.

Kelly, J. P., telegraphist, Napier.

Kelly, W. T. E., clerk, Clive, Hawke's Bay.

Kenny, W., shearman, Petone.

Kimpton, J., station hand, Haumoana.

King, J. R., insurance clerk, Napier.

King, T. M., tinsmith, Napier.

Knight, A. E., labourer, Hastings.

Lambert, E. J., carpenter, Napier.

Lang, F. M., labourer, Waipawa.

Lanigan, R. A., farmer, Hastings.

Lee, G. H., labourer, Napier.

Leslie, J. R., clerk, Hastings.

Lewis, W. H., farm hand, Porangahau.

Lloyd, J. W., labourer, Waipukurau.

*Love, J., farmer, Port Ahuriri.

Lyons, F. R., clerk, Napier.

Mackay, A. J., labourer, Hastings.

Mahony, J., blacksmith, Napier.

Mann, H. R., farmer, Otane.

Marshall, R., labourer, Havelock North.

Martin, W. J., shepherd, Tikokino.

Mason, G. F., clerk, Hastings.

May, E. E., labourer, Napier.

McCarthy, D., farmer, Waipawa.

McDonald, P., stock buyer, Napier.

McEwen, J., farm hand, Hastings.

McGregor, A., labourer, Clive.

McIntosh, W., clerk, Napier.

McKay, R., labourer, Hastings.

McKenzie, A. D., farmer, Waipukurau.

McLean, J., labourer, Napier.

McLeod, R. J., farm hand, Otane.

McMillan, D., labourer, Hastings.

Miller, C. H., clerk, Napier.

Mitchell, J. A., farmer, Takapau.

Moore, W. A., labourer, Hastings.

Morgan, E., clerk, Napier.

Morris, G. W., farmer, Waipawa.

Murphy, J. J., labourer, Hastings.

Murray, A. H., farm hand, Napier.

Nelson, W., labourer, Havelock North.

Newton, H. G., clerk, Hastings.

Nicholson, J., farmer, Otane.

Norris, F., labourer, Napier.

O'Brien, M., labourer, Hastings.

O'Connor, T. J., clerk, Napier.

O'Neill, P., farmer, Waipukurau.

Osborne, R., labourer, Hastings.

Palmer, A. E., farm hand, Napier.

Parker, J. W., labourer, Clive.

Paterson, G., clerk, Hastings.

Pearson, W., farmer, Takapau.

Perry, H. J., labourer, Napier.

Phillips, R., farm hand, Hastings.

Porter, E. W., labourer, Waipawa.

Price, D., clerk, Napier.

Reid, A., labourer, Hastings.

Roberts, J. H., farmer, Otane.

Robinson, C., labourer, Napier.

Ross, W. D., clerk, Hastings.

Ryan, J., labourer, Waipukurau.

Scott, H. A., farmer, Havelock North.

Shaw, R., labourer, Napier.

Simpson, G., clerk, Hastings.

Smith, A., labourer, Napier.

Stevens, P., farm hand, Hastings.

Taylor, J. E., labourer, Waipawa.

Thomson, W., dairy farmer, Takapau.

Turner, J., labourer, Napier.

Walker, H., labourer, Napier.

Walker, J. T., hotel porter, Napier.

Wallace, H., labourer, Hastings.

Watson, F., farmer, Otane.

Whyman, F. R., farm hand, Haumoana.

Williams, R., labourer, Napier.

Wilson, A. E., clerk, Hastings.

Wood, J. R., farmer, Waipukurau.

Young, T., labourer, Napier.
